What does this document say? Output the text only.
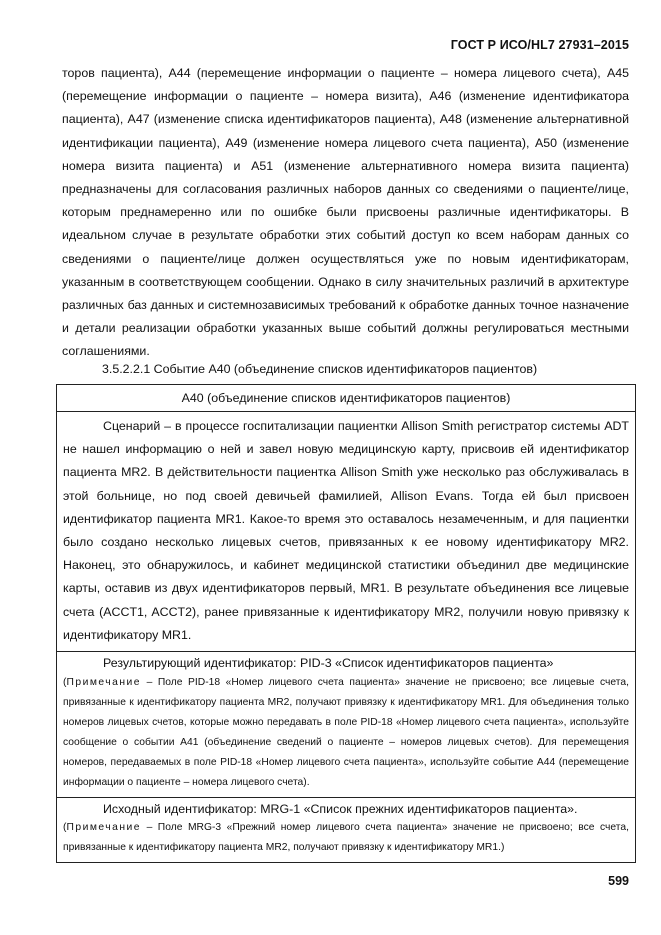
ГОСТ Р ИСО/HL7 27931–2015

торов пациента), А44 (перемещение информации о пациенте – номера лицевого счета), А45 (перемещение информации о пациенте – номера визита), А46 (изменение идентификатора пациента), А47 (изменение списка идентификаторов пациента), А48 (изменение альтернативной идентификации пациента), А49 (изменение номера лицевого счета пациента), А50 (изменение номера визита пациента) и А51 (изменение альтернативного номера визита пациента) предназначены для согласования различных наборов данных со сведениями о пациенте/лице, которым преднамеренно или по ошибке были присвоены различные идентификаторы. В идеальном случае в результате обработки этих событий доступ ко всем наборам данных со сведениями о пациенте/лице должен осуществляться уже по новым идентификаторам, указанным в соответствующем сообщении. Однако в силу значительных различий в архитектуре различных баз данных и системнозависимых требований к обработке данных точное назначение и детали реализации обработки указанных выше событий должны регулироваться местными соглашениями.

3.5.2.2.1 Событие А40 (объединение списков идентификаторов пациентов)
А40 (объединение списков идентификаторов пациентов)

Сценарий – в процессе госпитализации пациентки Allison Smith регистратор системы ADT не нашел информацию о ней и завел новую медицинскую карту, присвоив ей идентификатор пациента MR2. В действительности пациентка Allison Smith уже несколько раз обслуживалась в этой больнице, но под своей девичьей фамилией, Allison Evans. Тогда ей был присвоен идентификатор пациента MR1. Какое-то время это оставалось незамеченным, и для пациентки было создано несколько лицевых счетов, привязанных к ее новому идентификатору MR2. Наконец, это обнаружилось, и кабинет медицинской статистики объединил две медицинские карты, оставив из двух идентификаторов первый, MR1. В результате объединения все лицевые счета (ACCT1, ACCT2), ранее привязанные к идентификатору MR2, получили новую привязку к идентификатору MR1.

Результирующий идентификатор: PID-3 «Список идентификаторов пациента»

(Примечание – Поле PID-18 «Номер лицевого счета пациента» значение не присвоено; все лицевые счета, привязанные к идентификатору пациента MR2, получают привязку к идентификатору MR1. Для объединения только номеров лицевых счетов, которые можно передавать в поле PID-18 «Номер лицевого счета пациента», используйте сообщение о событии А41 (объединение сведений о пациенте – номеров лицевых счетов). Для перемещения номеров, передаваемых в поле PID-18 «Номер лицевого счета пациента», используйте событие А44 (перемещение информации о пациенте – номера лицевого счета).

Исходный идентификатор: MRG-1 «Список прежних идентификаторов пациента».

(Примечание – Поле MRG-3 «Прежний номер лицевого счета пациента» значение не присвоено; все счета, привязанные к идентификатору пациента MR2, получают привязку к идентификатору MR1.)
599
